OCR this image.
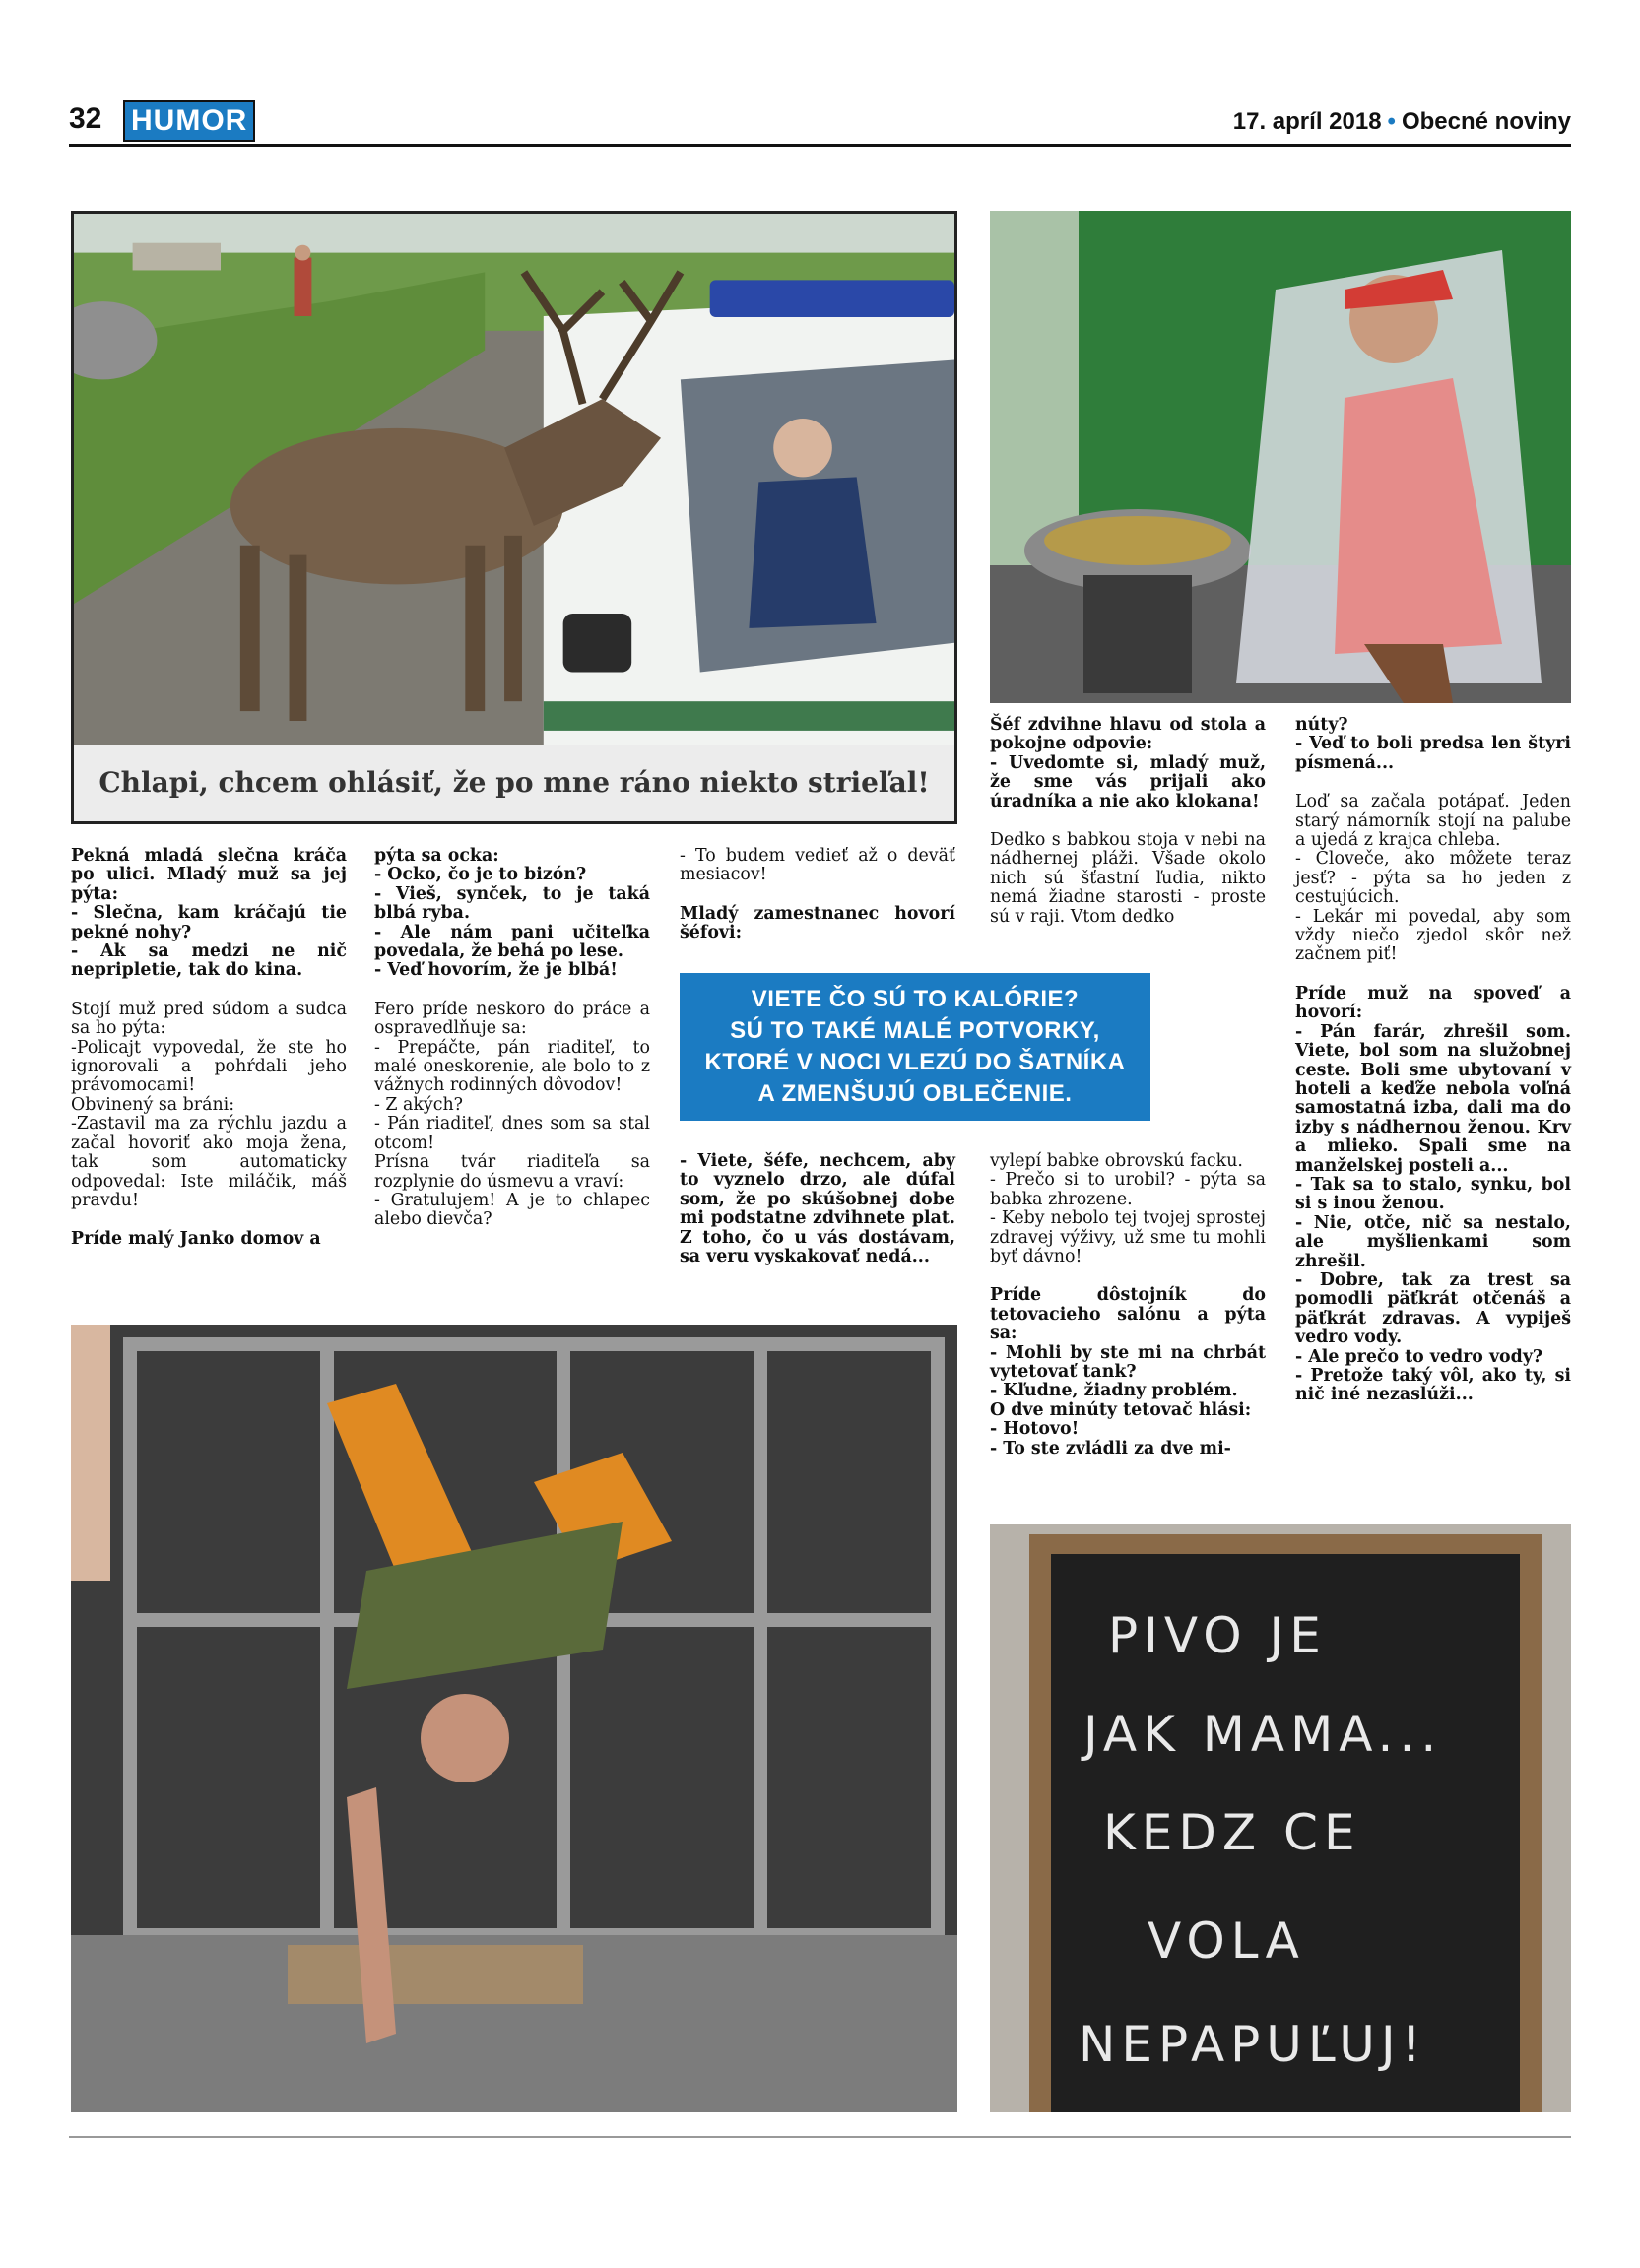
32 HUMOR	17. apríl 2018 • Obecné noviny
Chlapi, chcem ohlásiť, že po mne ráno niekto strieľal!

Pekná mladá slečna kráča po ulici. Mladý muž sa jej pýta:
- Slečna, kam kráčajú tie pekné nohy?
- Ak sa medzi ne nič nepripletie, tak do kina.

Stojí muž pred súdom a sudca sa ho pýta:
-Policajt vypovedal, že ste ho ignorovali a pohŕdali jeho právomocami!
Obvinený sa bráni:
-Zastavil ma za rýchlu jazdu a začal hovoriť ako moja žena, tak som automaticky odpovedal: Iste miláčik, máš pravdu!

Príde malý Janko domov a

pýta sa ocka:
- Ocko, čo je to bizón?
- Vieš, synček, to je taká blbá ryba.
- Ale nám pani učiteľka povedala, že behá po lese.
- Veď hovorím, že je blbá!

Fero príde neskoro do práce a ospravedlňuje sa:
- Prepáčte, pán riaditeľ, to malé oneskorenie, ale bolo to z vážnych rodinných dôvodov!
- Z akých?
- Pán riaditeľ, dnes som sa stal otcom!
Prísna tvár riaditeľa sa rozplynie do úsmevu a vraví:
- Gratulujem! A je to chlapec alebo dievča?

- To budem vedieť až o deväť mesiacov!

Mladý zamestnanec hovorí šéfovi:

VIETE ČO SÚ TO KALÓRIE?
SÚ TO TAKÉ MALÉ POTVORKY,
KTORÉ V NOCI VLEZÚ DO ŠATNÍKA
A ZMENŠUJÚ OBLEČENIE.

- Viete, šéfe, nechcem, aby to vyznelo drzo, ale dúfal som, že po skúšobnej dobe mi podstatne zdvihnete plat. Z toho, čo u vás dostávam, sa veru vyskakovať nedá...

Šéf zdvihne hlavu od stola a pokojne odpovie:
- Uvedomte si, mladý muž, že sme vás prijali ako úradníka a nie ako klokana!

Dedko s babkou stoja v nebi na nádhernej pláži. Všade okolo nich sú šťastní ľudia, nikto nemá žiadne starosti - proste sú v raji. Vtom dedko

vylepí babke obrovskú facku.
- Prečo si to urobil? - pýta sa babka zhrozene.
- Keby nebolo tej tvojej sprostej zdravej výživy, už sme tu mohli byť dávno!

Príde dôstojník do tetovacieho salónu a pýta sa:
- Mohli by ste mi na chrbát vytetovať tank?
- Kľudne, žiadny problém.
O dve minúty tetovač hlási:
- Hotovo!
- To ste zvládli za dve mi-

núty?
- Veď to boli predsa len štyri písmená...

Loď sa začala potápať. Jeden starý námorník stojí na palube a ujedá z krajca chleba.
- Človeče, ako môžete teraz jesť? - pýta sa ho jeden z cestujúcich.
- Lekár mi povedal, aby som vždy niečo zjedol skôr než začnem piť!

Príde muž na spoveď a hovorí:
- Pán farár, zhrešil som. Viete, bol som na služobnej ceste. Boli sme ubytovaní v hoteli a keďže nebola voľná samostatná izba, dali ma do izby s nádhernou ženou. Krv a mlieko. Spali sme na manželskej posteli a...
- Tak sa to stalo, synku, bol si s inou ženou.
- Nie, otče, nič sa nestalo, ale myšlienkami som zhrešil.
- Dobre, tak za trest sa pomodli päťkrát otčenáš a päťkrát zdravas. A vypiješ vedro vody.
- Ale prečo to vedro vody?
- Pretože taký vôl, ako ty, si nič iné nezaslúži...

PIVO JE
JAK MAMA...
KEDZ CE
VOLA
NEPAPUĽUJ!
